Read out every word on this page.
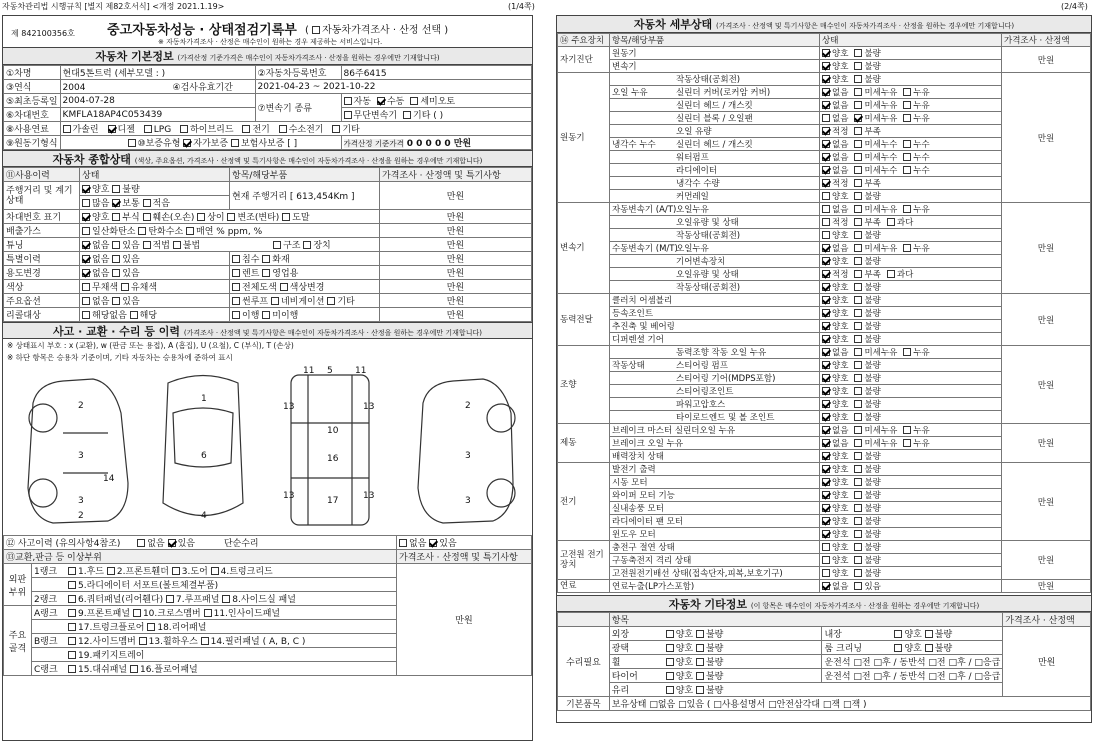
자동차관리법 시행규칙 [별지 제82호서식] <개정 2021.1.19>	(1/4쪽)	(2/4쪽)
제 842100356호 중고자동차성능 · 상태점검기록부 ( 자동차가격조사 · 산정 선택 )
※ 자동차가격조사 · 산정은 매수인이 원하는 경우 제공하는 서비스입니다.
자동차 기본정보 (가격산정 기준가격은 매수인이 자동차가격조사 · 산정을 원하는 경우에만 기재합니다)
①차명	현대5톤트럭 (세부모델 : )	②자동차등록번호	86주6415
③연식	2004 ④검사유효기간	2021-04-23 ~ 2021-10-22	
⑤최초등록일	2004-07-28	⑦변속기 종류	자동 수동 세미오토
⑥차대번호	KMFLA18AP4C053439		무단변속기 기타 ( )
⑧사용연료	가솔린 디젤 LPG 하이브리드 전기 수소전기 기타		
⑨원동기형식	⑩보증유형 자가보증 보험사보증 [ ]		가격산정 기준가격 0 0 0 0 0 만원
자동차 종합상태 (색상, 주요옵션, 가격조사 · 산정액 및 특기사항은 매수인이 자동차가격조사 · 산정을 원하는 경우에만 기재합니다)
⑪사용이력	상태	항목/해당부품	가격조사 · 산정액 및 특기사항
주행거리 및 계기상태	양호 불량	현재 주행거리 [ 613,454Km ]	만원
	많음 보통 적음		
차대번호 표기	양호 부식 훼손(오손) 상이 변조(변타) 도말		만원
배출가스	일산화탄소 탄화수소 매연 % ppm, %		만원
튜닝	없음 있음 적법 불법 구조 장치		만원
특별이력	없음 있음	침수 화재	만원
용도변경	없음 있음	렌트 영업용	만원
색상	무채색 유채색	전체도색 색상변경	만원
주요옵션	없음 있음	썬루프 네비게이션 기타	만원
리콜대상	해당없음 해당	이행 미이행	만원
사고 · 교환 · 수리 등 이력 (가격조사 · 산정액 및 특기사항은 매수인이 자동차가격조사 · 산정을 원하는 경우에만 기재합니다)
※ 상태표시 부호 : x (교환), w (판금 또는 용접), A (흠집), U (요철), C (부식), T (손상)
※ 하단 항목은 승용차 기준이며, 기타 자동차는 승용차에 준하여 표시
2
3
14
3
2
1
6
4
11 5 11
13
10
16
17
13
13
13
2
3
3
⑫ 사고이력 (유의사항4참조) 없음 있음 단순수리		없음 있음
⑬교환,판금 등 이상부위		가격조사 · 산정액 및 특기사항
외판 부위	1랭크 1.후드 2.프론트휀더 3.도어 4.트렁크리드	만원
	5.라디에이터 서포트(볼트체결부품)	
	2랭크 6.쿼터패널(리어휀다) 7.루프패널 8.사이드실 패널	
주요 골격	A랭크 9.프론트패널 10.크로스멤버 11.인사이드패널	
	17.트렁크플로어 18.리어패널	
	B랭크 12.사이드멤버 13.휠하우스 14.필러패널 ( A, B, C )	
	19.패키지트레이	
	C랭크 15.대쉬패널 16.플로어패널	
자동차 세부상태 (가격조사 · 산정액 및 특기사항은 매수인이 자동차가격조사 · 산정을 원하는 경우에만 기재합니다)
⑭ 주요장치	항목/해당부품	상태	가격조사 · 산정액
자기진단	원동기	양호 불량	만원
	변속기	양호 불량	
원동기	작동상태(공회전)	양호 불량	만원
	오일 누유 실린더 커버(로커암 커버)	없음 미세누유 누유	
	실린더 헤드 / 개스킷	없음 미세누유 누유	
	실린더 블록 / 오일팬	없음 미세누유 누유	
	오일 유량	적정 부족	
	냉각수 누수 실린더 헤드 / 개스킷	없음 미세누수 누수	
	워터펌프	없음 미세누수 누수	
	라디에이터	없음 미세누수 누수	
	냉각수 수량	적정 부족	
	커먼레일	양호 불량	
변속기	자동변속기 (A/T)오일누유	없음 미세누유 누유	만원
	오일유량 및 상태	적정 부족 과다	
	작동상태(공회전)	양호 불량	
	수동변속기 (M/T)오일누유	없음 미세누유 누유	
	기어변속장치	양호 불량	
	오일유량 및 상태	적정 부족 과다	
	작동상태(공회전)	양호 불량	
동력전달	클러치 어셈블리	양호 불량	만원
	등속조인트	양호 불량	
	추진축 및 베어링	양호 불량	
	디퍼렌셜 기어	양호 불량	
조향	동력조향 작동 오일 누유	없음 미세누유 누유	만원
	작동상태 스티어링 펌프	양호 불량	
	스티어링 기어(MDPS포함)	양호 불량	
	스티어링조인트	양호 불량	
	파워고압호스	양호 불량	
	타이로드엔드 및 볼 조인트	양호 불량	
제동	브레이크 마스터 실린더오일 누유	없음 미세누유 누유	만원
	브레이크 오일 누유	없음 미세누유 누유	
	배력장치 상태	양호 불량	
전기	발전기 출력	양호 불량	만원
	시동 모터	양호 불량	
	와이퍼 모터 기능	양호 불량	
	실내송풍 모터	양호 불량	
	라디에이터 팬 모터	양호 불량	
	윈도우 모터	양호 불량	
고전원 전기장치	충전구 절연 상태	양호 불량	만원
	구동축전지 격리 상태	양호 불량	
	고전원전기배선 상태(접속단자,피복,보호기구)	양호 불량	
연료	연료누출(LP가스포함)	없음 있음	만원
자동차 기타정보 (이 항목은 매수인이 자동차가격조사 · 산정을 원하는 경우에만 기재합니다)
	항목		가격조사 · 산정액
수리필요	외장 양호 불량	내장 양호 불량	만원
	광택 양호 불량	룸 크리닝 양호 불량	
	휠 양호 불량	운전석 □전 □후 / 동반석 □전 □후 / □응급	
	타이어 양호 불량	운전석 □전 □후 / 동반석 □전 □후 / □응급	
	유리 양호 불량		
기본품목	보유상태 □없음 □있음 ( □사용설명서 □안전삼각대 □잭 □잭 )		
